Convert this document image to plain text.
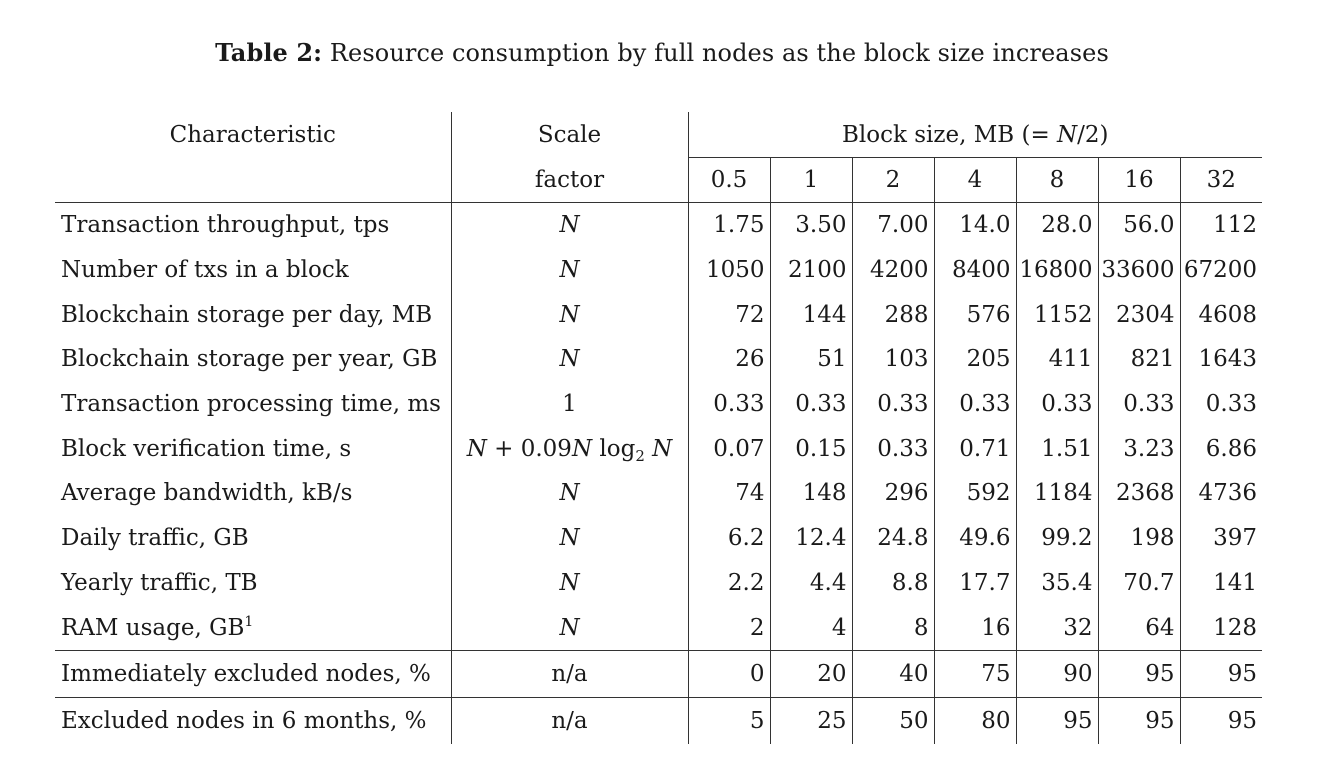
Table 2: Resource consumption by full nodes as the block size increases
Characteristic	Scale	Block size, MB (= N/2)						
	factor	0.5	1	2	4	8	16	32
Transaction throughput, tps	N	1.75	3.50	7.00	14.0	28.0	56.0	112
Number of txs in a block	N	1050	2100	4200	8400	16800	33600	67200
Blockchain storage per day, MB	N	72	144	288	576	1152	2304	4608
Blockchain storage per year, GB	N	26	51	103	205	411	821	1643
Transaction processing time, ms	1	0.33	0.33	0.33	0.33	0.33	0.33	0.33
Block verification time, s	N + 0.09N $\log_2 N$	0.07	0.15	0.33	0.71	1.51	3.23	6.86
Average bandwidth, kB/s	N	74	148	296	592	1184	2368	4736
Daily traffic, GB	N	6.2	12.4	24.8	49.6	99.2	198	397
Yearly traffic, TB	N	2.2	4.4	8.8	17.7	35.4	70.7	141
RAM usage, $GB^1$	N	2	4	8	16	32	64	128
Immediately excluded nodes, %	n/a	0	20	40	75	90	95	95
Excluded nodes in 6 months, %	n/a	5	25	50	80	95	95	95
